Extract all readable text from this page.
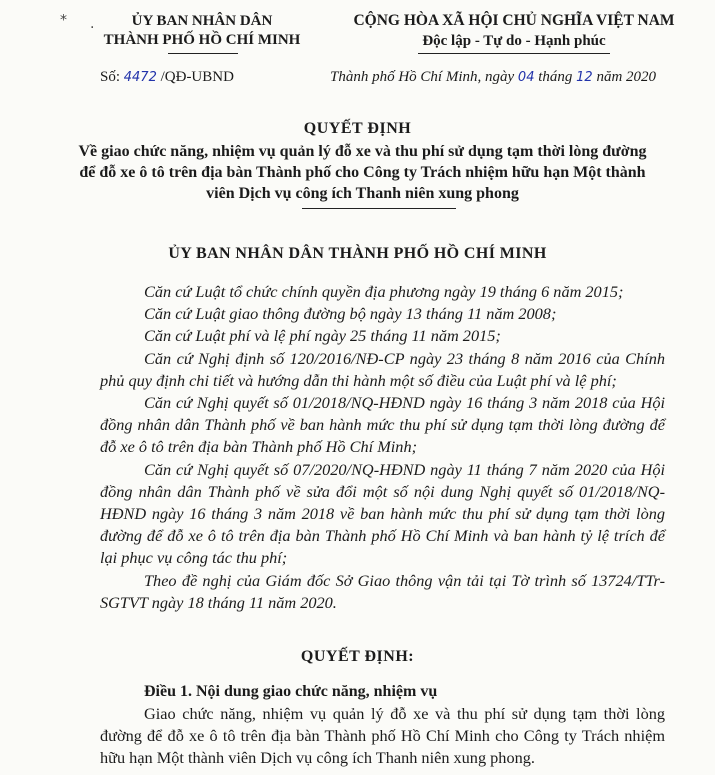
⁎
·	ỦY BAN NHÂN DÂN
THÀNH PHỐ HỒ CHÍ MINH
CỘNG HÒA XÃ HỘI CHỦ NGHĨA VIỆT NAM
Độc lập - Tự do - Hạnh phúc
Số: 4472 /QĐ-UBND	Thành phố Hồ Chí Minh, ngày 04 tháng 12 năm 2020
QUYẾT ĐỊNH
Về giao chức năng, nhiệm vụ quản lý đỗ xe và thu phí sử dụng tạm thời lòng đường để đỗ xe ô tô trên địa bàn Thành phố cho Công ty Trách nhiệm hữu hạn Một thành viên Dịch vụ công ích Thanh niên xung phong
ỦY BAN NHÂN DÂN THÀNH PHỐ HỒ CHÍ MINH

Căn cứ Luật tổ chức chính quyền địa phương ngày 19 tháng 6 năm 2015;

Căn cứ Luật giao thông đường bộ ngày 13 tháng 11 năm 2008;

Căn cứ Luật phí và lệ phí ngày 25 tháng 11 năm 2015;

Căn cứ Nghị định số 120/2016/NĐ-CP ngày 23 tháng 8 năm 2016 của Chính phủ quy định chi tiết và hướng dẫn thi hành một số điều của Luật phí và lệ phí;

Căn cứ Nghị quyết số 01/2018/NQ-HĐND ngày 16 tháng 3 năm 2018 của Hội đồng nhân dân Thành phố về ban hành mức thu phí sử dụng tạm thời lòng đường để đỗ xe ô tô trên địa bàn Thành phố Hồ Chí Minh;

Căn cứ Nghị quyết số 07/2020/NQ-HĐND ngày 11 tháng 7 năm 2020 của Hội đồng nhân dân Thành phố về sửa đổi một số nội dung Nghị quyết số 01/2018/NQ-HĐND ngày 16 tháng 3 năm 2018 về ban hành mức thu phí sử dụng tạm thời lòng đường để đỗ xe ô tô trên địa bàn Thành phố Hồ Chí Minh và ban hành tỷ lệ trích để lại phục vụ công tác thu phí;

Theo đề nghị của Giám đốc Sở Giao thông vận tải tại Tờ trình số 13724/TTr-SGTVT ngày 18 tháng 11 năm 2020.

QUYẾT ĐỊNH:
Điều 1. Nội dung giao chức năng, nhiệm vụ

Giao chức năng, nhiệm vụ quản lý đỗ xe và thu phí sử dụng tạm thời lòng đường để đỗ xe ô tô trên địa bàn Thành phố Hồ Chí Minh cho Công ty Trách nhiệm hữu hạn Một thành viên Dịch vụ công ích Thanh niên xung phong.
